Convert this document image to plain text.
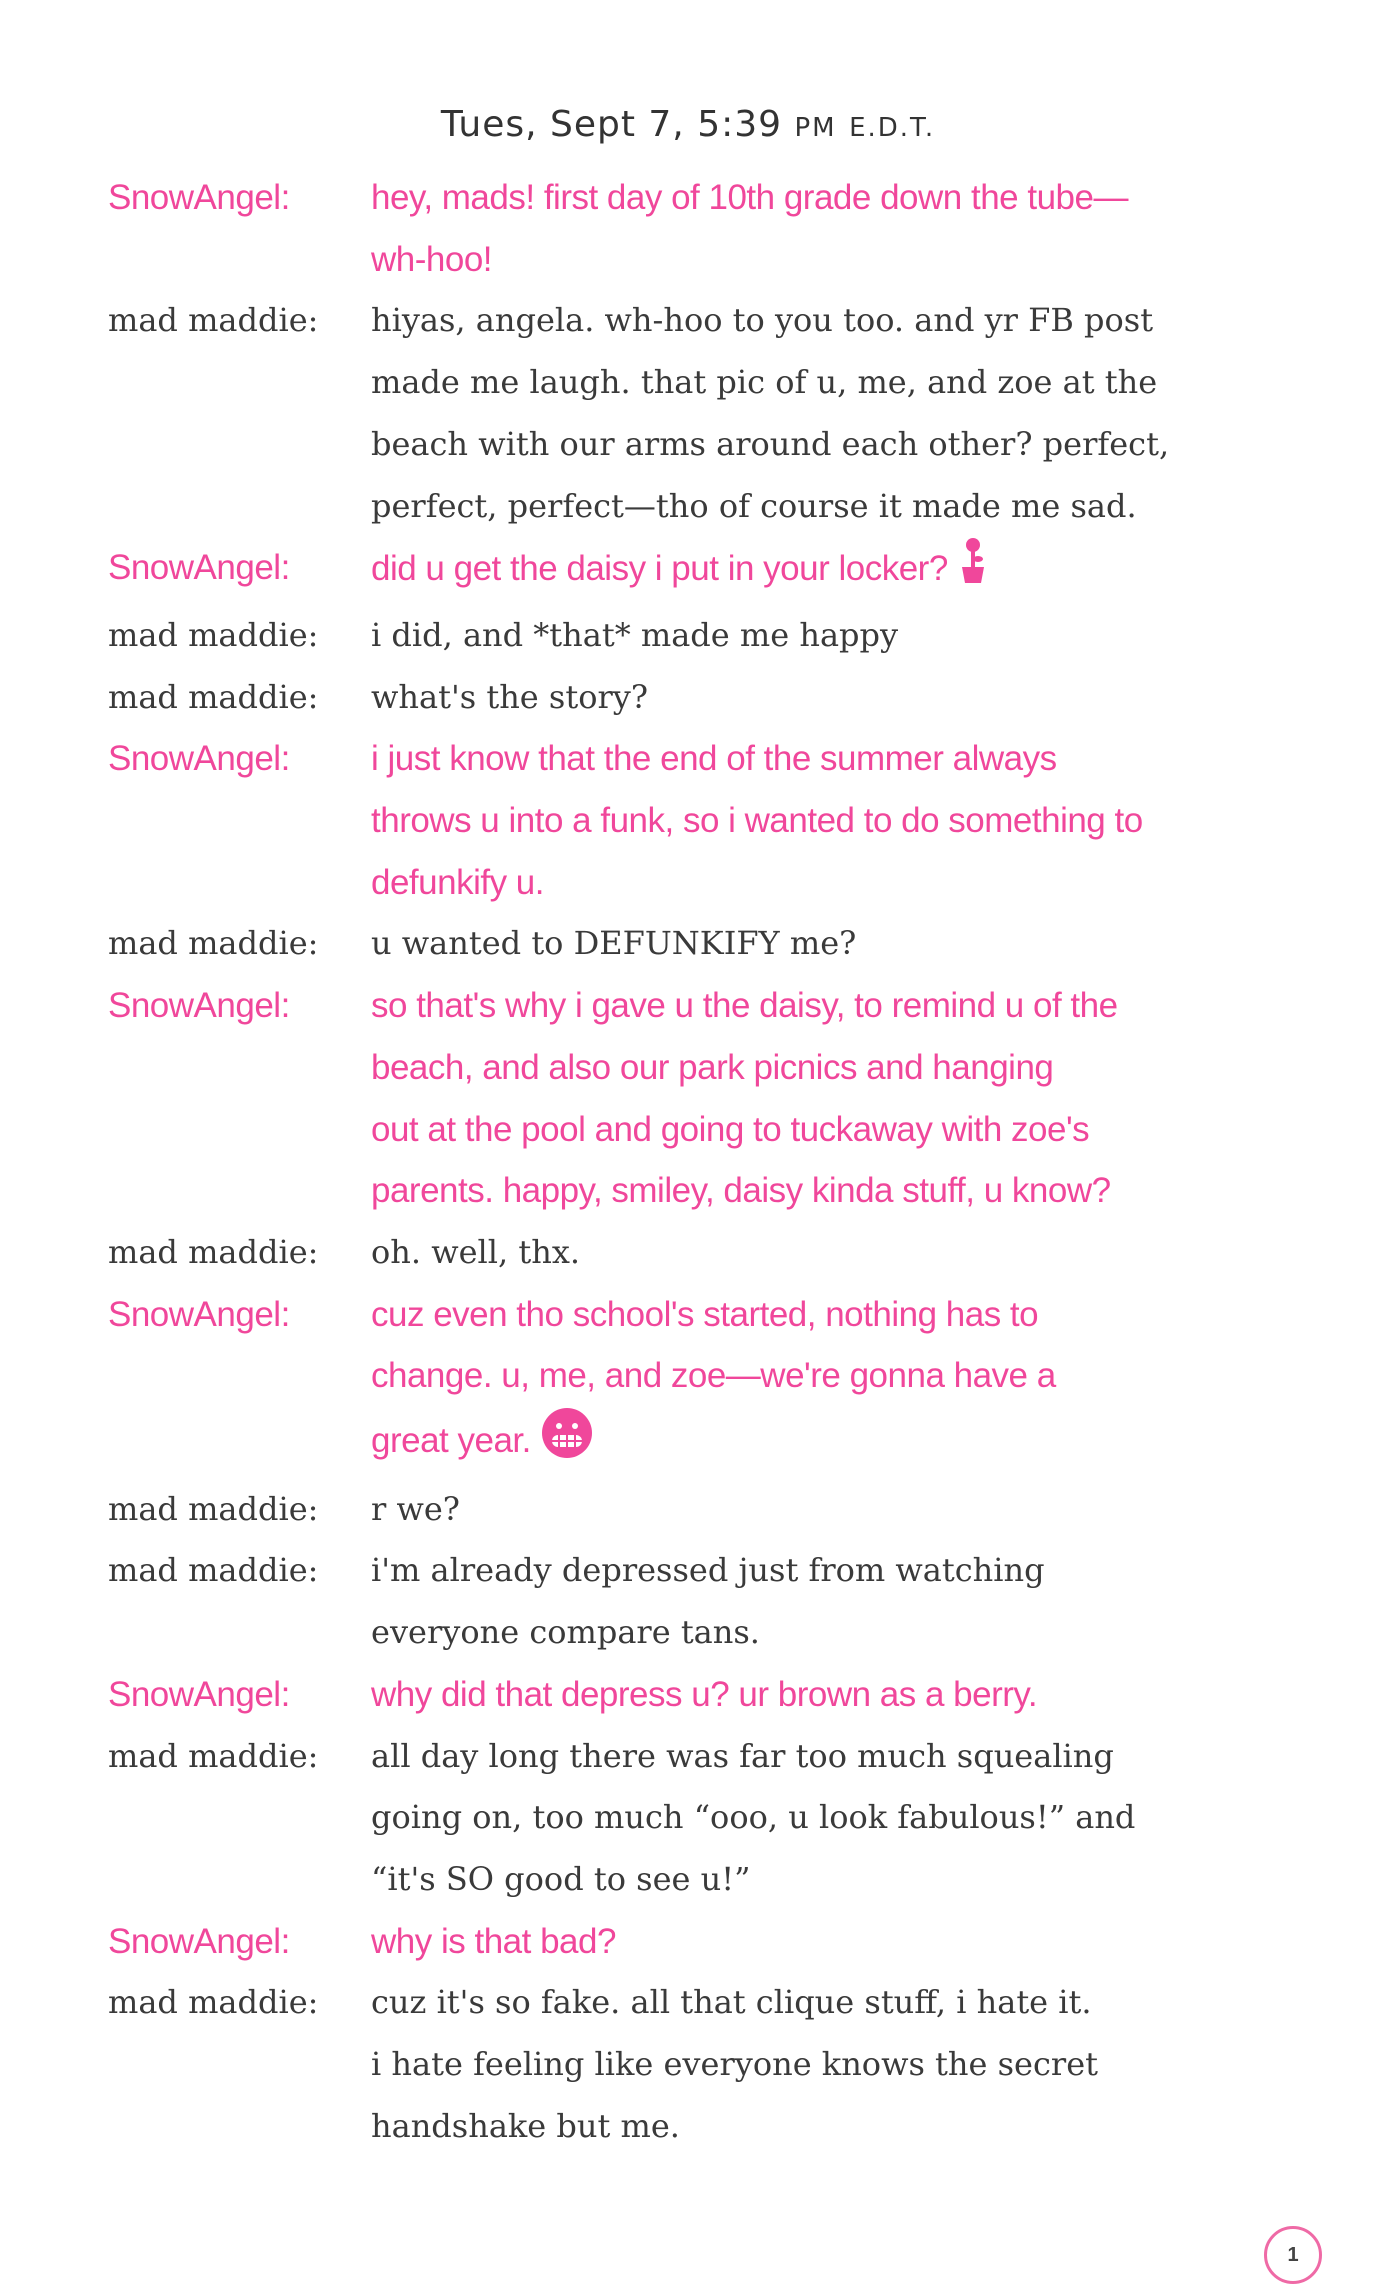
Tues, Sept 7, 5:39 PM E.D.T.
SnowAngel:	hey, mads! first day of 10th grade down the tube—
wh-hoo!
mad maddie:	hiyas, angela. wh-hoo to you too. and yr FB post
made me laugh. that pic of u, me, and zoe at the
beach with our arms around each other? perfect,
perfect, perfect—tho of course it made me sad.
SnowAngel:	did u get the daisy i put in your locker?
mad maddie:	i did, and *that* made me happy
mad maddie:	what's the story?
SnowAngel:	i just know that the end of the summer always
throws u into a funk, so i wanted to do something to
defunkify u.
mad maddie:	u wanted to DEFUNKIFY me?
SnowAngel:	so that's why i gave u the daisy, to remind u of the
beach, and also our park picnics and hanging
out at the pool and going to tuckaway with zoe's
parents. happy, smiley, daisy kinda stuff, u know?
mad maddie:	oh. well, thx.
SnowAngel:	cuz even tho school's started, nothing has to
change. u, me, and zoe—we're gonna have a
great year.
mad maddie:	r we?
mad maddie:	i'm already depressed just from watching
everyone compare tans.
SnowAngel:	why did that depress u? ur brown as a berry.
mad maddie:	all day long there was far too much squealing
going on, too much “ooo, u look fabulous!” and
“it's SO good to see u!”
SnowAngel:	why is that bad?
mad maddie:	cuz it's so fake. all that clique stuff, i hate it.
i hate feeling like everyone knows the secret
handshake but me.
1
